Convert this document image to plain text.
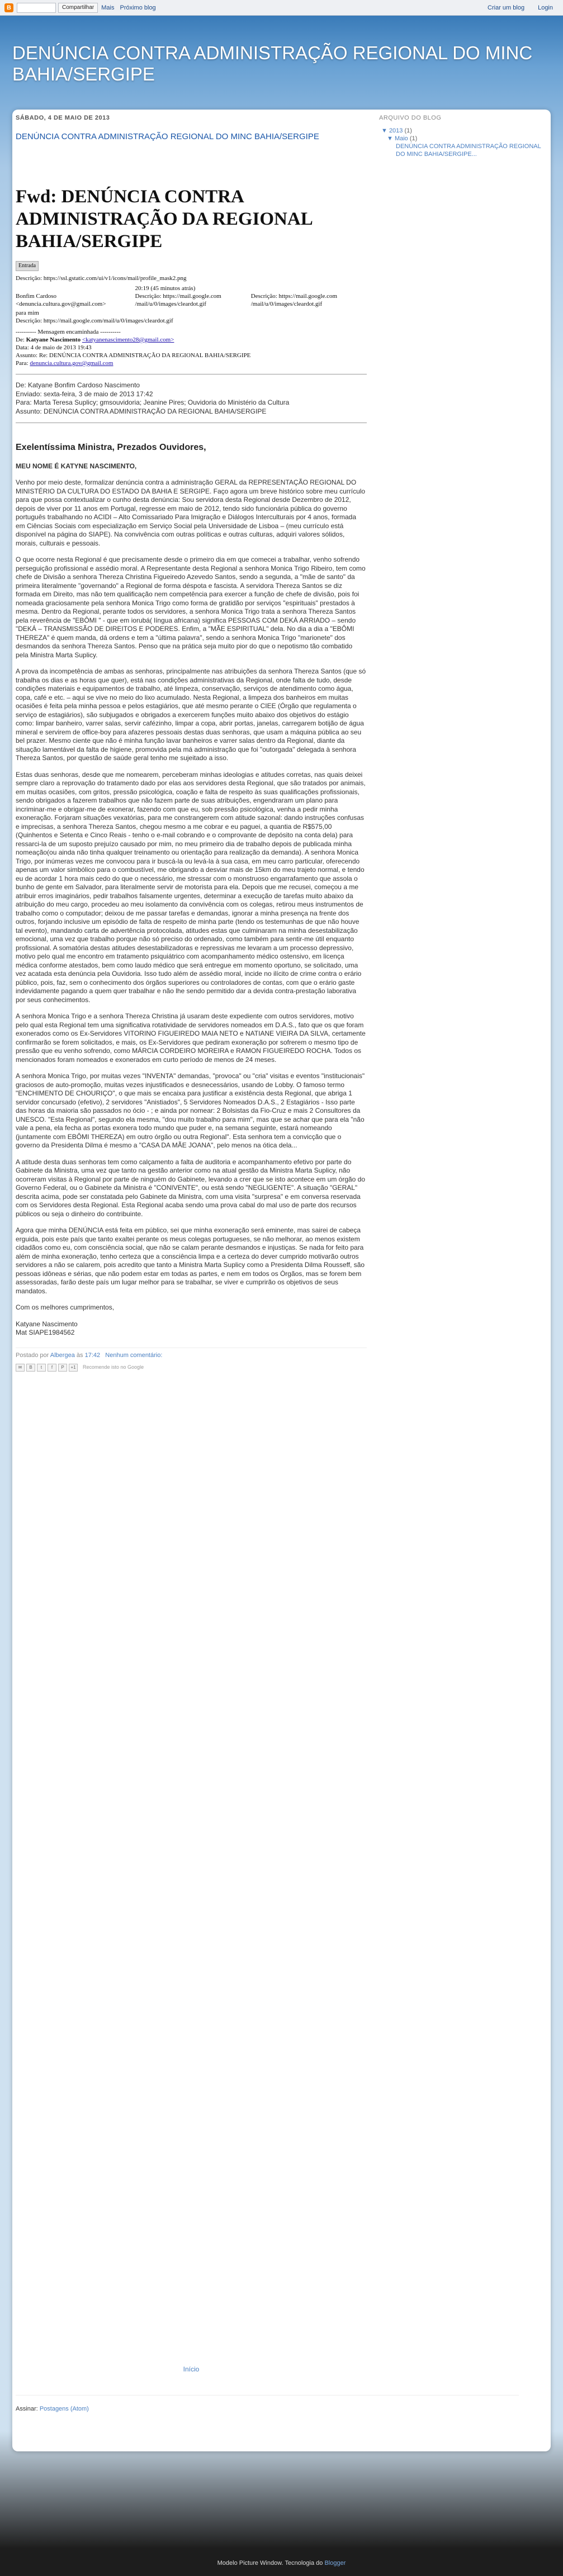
B	Compartilhar	Mais Próximo blog	Criar um blog Login
DENÚNCIA CONTRA ADMINISTRAÇÃO REGIONAL DO MINC BAHIA/SERGIPE
SÁBADO, 4 DE MAIO DE 2013
DENÚNCIA CONTRA ADMINISTRAÇÃO REGIONAL DO MINC BAHIA/SERGIPE
Fwd: DENÚNCIA CONTRA ADMINISTRAÇÃO DA REGIONAL BAHIA/SERGIPE
Entrada
Descrição: https://ssl.gstatic.com/ui/v1/icons/mail/profile_mask2.png
	20:19 (45 minutos atrás)	

Bonfim Cardoso
<denuncia.cultura.gov@gmail.com>	Descrição: https://mail.google.com /mail/u/0/images/cleardot.gif	Descrição: https://mail.google.com /mail/u/0/images/cleardot.gif
para mim
Descrição: https://mail.google.com/mail/u/0/images/cleardot.gif
---------- Mensagem encaminhada ----------
De: Katyane Nascimento <katyanenascimento28@gmail.com>
Data: 4 de maio de 2013 19:43
Assunto: Re: DENÚNCIA CONTRA ADMINISTRAÇÃO DA REGIONAL BAHIA/SERGIPE
Para: denuncia.cultura.gov@gmail.com
De: Katyane Bonfim Cardoso Nascimento
Enviado: sexta-feira, 3 de maio de 2013 17:42
Para: Marta Teresa Suplicy; gmsouvidoria; Jeanine Pires; Ouvidoria do Ministério da Cultura
Assunto: DENÚNCIA CONTRA ADMINISTRAÇÃO DA REGIONAL BAHIA/SERGIPE

Exelentíssima Ministra, Prezados Ouvidores,

MEU NOME É KATYNE NASCIMENTO,

Venho por meio deste, formalizar denúncia contra a administração GERAL da REPRESENTAÇÃO REGIONAL DO MINISTÉRIO DA CULTURA DO ESTADO DA BAHIA E SERGIPE. Faço agora um breve histórico sobre meu currículo para que possa contextualizar o cunho desta denúncia: Sou servidora desta Regional desde Dezembro de 2012, depois de viver por 11 anos em Portugal, regresse em maio de 2012, tendo sido funcionária pública do governo português trabalhando no ACIDI – Alto Comissariado Para Imigração e Diálogos Interculturais por 4 anos, formada em Ciências Sociais com especialização em Serviço Social pela Universidade de Lisboa – (meu currículo está disponível na página do SIAPE). Na convivência com outras políticas e outras culturas, adquiri valores sólidos, morais, culturais e pessoais.

O que ocorre nesta Regional é que precisamente desde o primeiro dia em que comecei a trabalhar, venho sofrendo perseguição profissional e assédio moral. A Representante desta Regional a senhora Monica Trigo Ribeiro, tem como chefe de Divisão a senhora Thereza Christina Figueiredo Azevedo Santos, sendo a segunda, a "mãe de santo" da primeira literalmente "governando" a Regional de forma déspota e fascista. A servidora Thereza Santos se diz formada em Direito, mas não tem qualificação nem competência para exercer a função de chefe de divisão, pois foi nomeada graciosamente pela senhora Monica Trigo como forma de gratidão por serviços "espirituais" prestados à mesma. Dentro da Regional, perante todos os servidores, a senhora Monica Trigo trata a senhora Thereza Santos pela reverência de "EBÔMI " - que em iorubá( língua africana) significa PESSOAS COM DEKÁ ARRIADO – sendo "DEKÁ – TRANSMISSÃO DE DIREITOS E PODERES. Enfim, a "MÃE ESPIRITUAL" dela. No dia a dia a "EBÔMI THEREZA" é quem manda, dá ordens e tem a "última palavra", sendo a senhora Monica Trigo "marionete" dos desmandos da senhora Thereza Santos. Penso que na prática seja muito pior do que o nepotismo tão combatido pela Ministra Marta Suplicy.

A prova da incompetência de ambas as senhoras, principalmente nas atribuições da senhora Thereza Santos (que só trabalha os dias e as horas que quer), está nas condições administrativas da Regional, onde falta de tudo, desde condições materiais e equipamentos de trabalho, até limpeza, conservação, serviços de atendimento como água, copa, café e etc. – aqui se vive no meio do lixo acumulado. Nesta Regional, a limpeza dos banheiros em muitas ocasiões é feita pela minha pessoa e pelos estagiários, que até mesmo perante o CIEE (Órgão que regulamenta o serviço de estagiários), são subjugados e obrigados a exercerem funções muito abaixo dos objetivos do estágio como: limpar banheiro, varrer salas, servir cafézinho, limpar a copa, abrir portas, janelas, carregarem botijão de água mineral e servirem de office-boy para afazeres pessoais destas duas senhoras, que usam a máquina pública ao seu bel prazer. Mesmo ciente que não é minha função lavar banheiros e varrer salas dentro da Regional, diante da situação lamentável da falta de higiene, promovida pela má administração que foi "outorgada" delegada à senhora Thereza Santos, por questão de saúde geral tenho me sujeitado a isso.

Estas duas senhoras, desde que me nomearem, perceberam minhas ideologias e atitudes corretas, nas quais deixei sempre claro a reprovação do tratamento dado por elas aos servidores desta Regional, que são tratados por animais, em muitas ocasiões, com gritos, pressão psicológica, coação e falta de respeito às suas qualificações profissionais, sendo obrigados a fazerem trabalhos que não fazem parte de suas atribuições, engendraram um plano para incriminar-me e obrigar-me de exonerar, fazendo com que eu, sob pressão psicológica, venha a pedir minha exoneração. Forjaram situações vexatórias, para me constrangerem com atitude sazonal: dando instruções confusas e imprecisas, a senhora Thereza Santos, chegou mesmo a me cobrar e eu paguei, a quantia de R$575,00 (Quinhentos e Setenta e Cinco Reais - tenho o e-mail cobrando e o comprovante de depósito na conta dela) para ressarci-la de um suposto prejuízo causado por mim, no meu primeiro dia de trabalho depois de publicada minha nomeação(ou ainda não tinha qualquer treinamento ou orientação para realização da demanda). A senhora Monica Trigo, por inúmeras vezes me convocou para ir buscá-la ou levá-la à sua casa, em meu carro particular, oferecendo apenas um valor simbólico para o combustível, me obrigando a desviar mais de 15km do meu trajeto normal, e tendo eu de acordar 1 hora mais cedo do que o necessário, me stressar com o monstruoso engarrafamento que assola o bunho de gente em Salvador, para literalmente servir de motorista para ela. Depois que me recusei, começou a me atribuir erros imaginários, pedir trabalhos falsamente urgentes, determinar a execução de tarefas muito abaixo da atribuição do meu cargo, procedeu ao meu isolamento da convivência com os colegas, retirou meus instrumentos de trabalho como o computador; deixou de me passar tarefas e demandas, ignorar a minha presença na frente dos outros, forjando inclusive um episódio de falta de respeito de minha parte (tendo os testemunhas de que não houve tal evento), mandando carta de advertência protocolada, atitudes estas que culminaram na minha desestabilização emocional, uma vez que trabalho porque não só preciso do ordenado, como também para sentir-me útil enquanto profissional. A somatória destas atitudes desestabilizadoras e repressivas me levaram a um processo depressivo, motivo pelo qual me encontro em tratamento psiquiátrico com acompanhamento médico ostensivo, em licença médica conforme atestados, bem como laudo médico que será entregue em momento oportuno, se solicitado, uma vez acatada esta denúncia pela Ouvidoria. Isso tudo além de assédio moral, incide no ilícito de crime contra o erário público, pois, faz, sem o conhecimento dos órgãos superiores ou controladores de contas, com que o erário gaste indevidamente pagando a quem quer trabalhar e não lhe sendo permitido dar a devida contra-prestação laborativa por seus conhecimentos.

A senhora Monica Trigo e a senhora Thereza Christina já usaram deste expediente com outros servidores, motivo pelo qual esta Regional tem uma significativa rotatividade de servidores nomeados em D.A.S., fato que os que foram exonerados como os Ex-Servidores VITORINO FIGUEIREDO MAIA NETO e NATIANE VIEIRA DA SILVA, certamente confirmarão se forem solicitados, e mais, os Ex-Servidores que pediram exoneração por sofrerem o mesmo tipo de pressão que eu venho sofrendo, como MÁRCIA CORDEIRO MOREIRA e RAMON FIGUEIREDO ROCHA. Todos os mencionados foram nomeados e exonerados em curto período de menos de 24 meses.

A senhora Monica Trigo, por muitas vezes "INVENTA" demandas, "provoca" ou "cria" visitas e eventos "institucionais" graciosos de auto-promoção, muitas vezes injustificados e desnecessários, usando de Lobby. O famoso termo "ENCHIMENTO DE CHOURIÇO", o que mais se encaixa para justificar a existência desta Regional, que abriga 1 servidor concursado (efetivo), 2 servidores "Anistiados", 5 Servidores Nomeados D.A.S., 2 Estagiários - Isso parte das horas da maioria são passados no ócio - ; e ainda por nomear: 2 Bolsistas da Fio-Cruz e mais 2 Consultores da UNESCO. "Esta Regional", segundo ela mesma, "dou muito trabalho para mim", mas que se achar que para ela "não vale a pena, ela fecha as portas exonera todo mundo que puder e, na semana seguinte, estará nomeando (juntamente com EBÔMI THEREZA) em outro órgão ou outra Regional". Esta senhora tem a convicção que o governo da Presidenta Dilma é mesmo a "CASA DA MÃE JOANA", pelo menos na ótica dela...

A atitude desta duas senhoras tem como calçamento a falta de auditoria e acompanhamento efetivo por parte do Gabinete da Ministra, uma vez que tanto na gestão anterior como na atual gestão da Ministra Marta Suplicy, não ocorreram visitas à Regional por parte de ninguém do Gabinete, levando a crer que se isto acontece em um órgão do Governo Federal, ou o Gabinete da Ministra é "CONIVENTE", ou está sendo "NEGLIGENTE". A situação "GERAL" descrita acima, pode ser constatada pelo Gabinete da Ministra, com uma visita "surpresa" e em conversa reservada com os Servidores desta Regional. Esta Regional acaba sendo uma prova cabal do mal uso de parte dos recursos públicos ou seja o dinheiro do contribuinte.

Agora que minha DENÚNCIA está feita em público, sei que minha exoneração será eminente, mas sairei de cabeça erguida, pois este país que tanto exaltei perante os meus colegas portugueses, se não melhorar, ao menos existem cidadãos como eu, com consciência social, que não se calam perante desmandos e injustiças. Se nada for feito para além de minha exoneração, tenho certeza que a consciência limpa e a certeza do dever cumprido motivarão outros servidores a não se calarem, pois acredito que tanto a Ministra Marta Suplicy como a Presidenta Dilma Rousseff, são pessoas idôneas e sérias, que não podem estar em todas as partes, e nem em todos os Órgãos, mas se forem bem assessoradas, farão deste país um lugar melhor para se trabalhar, se viver e cumprirão os objetivos de seus mandatos.

Com os melhores cumprimentos,

Katyane Nascimento
Mat SIAPE1984562
Postado por Albergea às 17:42 Nenhum comentário:
✉	B	t	f	P	+1	Recomende isto no Google
Início
Assinar: Postagens (Atom)
ARQUIVO DO BLOG
▼ 2013 (1)
▼ Maio (1)
DENÚNCIA CONTRA ADMINISTRAÇÃO REGIONAL DO MINC BAHIA/SERGIPE...
Modelo Picture Window. Tecnologia do Blogger
